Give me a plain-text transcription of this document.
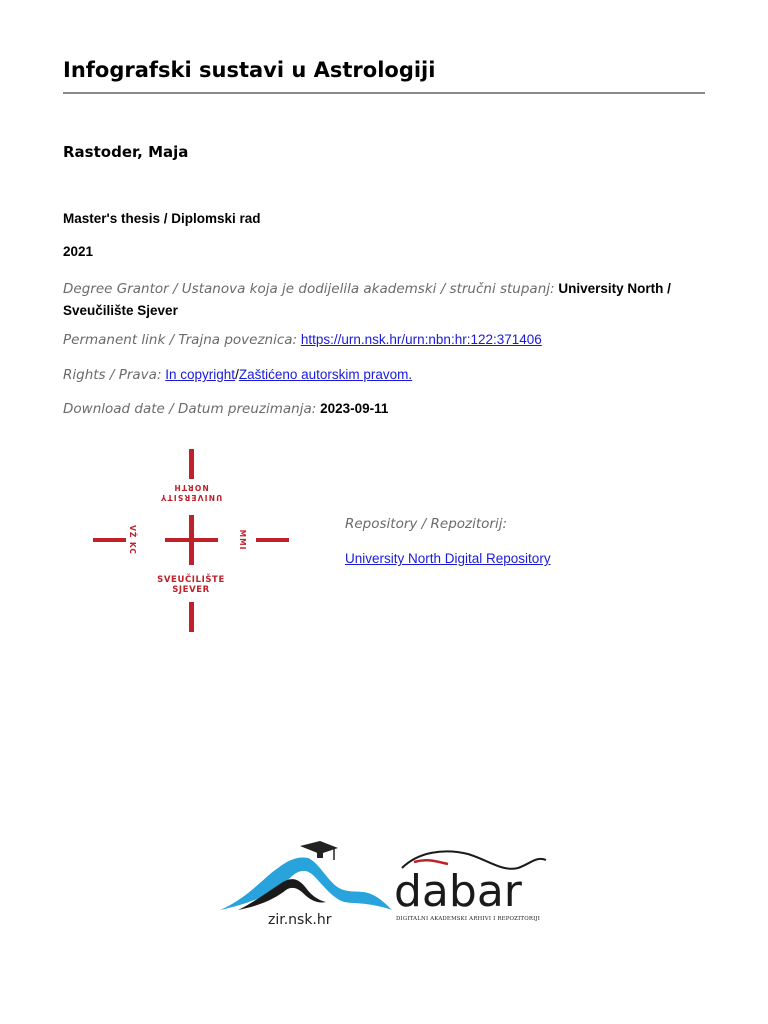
Infografski sustavi u Astrologiji
Rastoder, Maja
Master's thesis / Diplomski rad
2021
Degree Grantor / Ustanova koja je dodijelila akademski / stručni stupanj: University North / Sveučilište Sjever
Permanent link / Trajna poveznica: https://urn.nsk.hr/urn:nbn:hr:122:371406
Rights / Prava: In copyright/Zaštićeno autorskim pravom.
Download date / Datum preuzimanja: 2023-09-11
NORTH
UNIVERSITY
VŽ KC	MMI
SVEUČILIŠTE
SJEVER
Repository / Repozitorij:
University North Digital Repository
zir.nsk.hr
dabar
DIGITALNI AKADEMSKI ARHIVI I REPOZITORIJI
